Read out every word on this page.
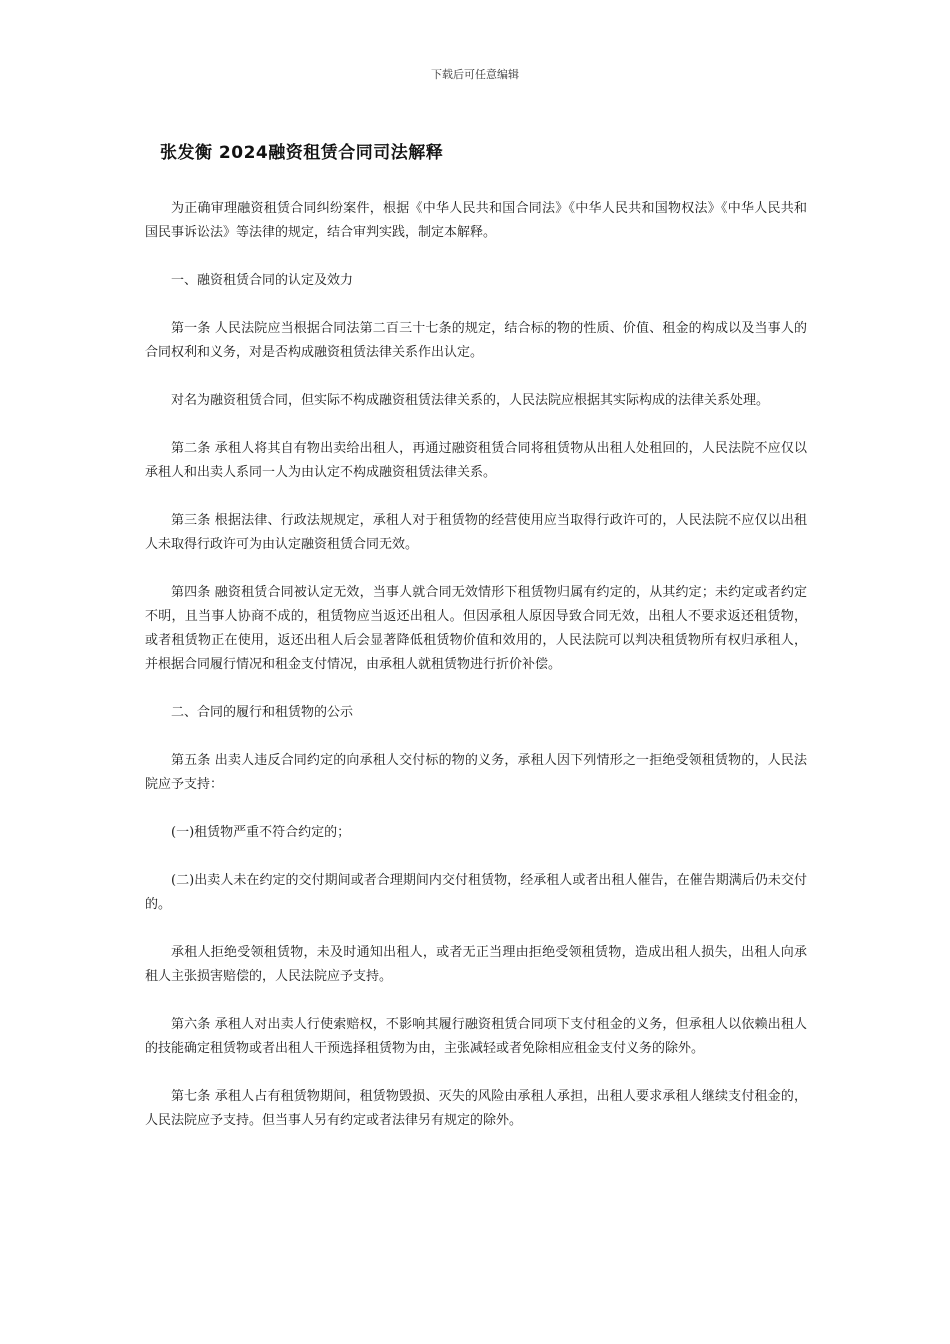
下载后可任意编辑
张发衡 2024融资租赁合同司法解释

为正确审理融资租赁合同纠纷案件，根据《中华人民共和国合同法》《中华人民共和国物权法》《中华人民共和国民事诉讼法》等法律的规定，结合审判实践，制定本解释。

一、融资租赁合同的认定及效力

第一条 人民法院应当根据合同法第二百三十七条的规定，结合标的物的性质、价值、租金的构成以及当事人的合同权利和义务，对是否构成融资租赁法律关系作出认定。

对名为融资租赁合同，但实际不构成融资租赁法律关系的，人民法院应根据其实际构成的法律关系处理。

第二条 承租人将其自有物出卖给出租人，再通过融资租赁合同将租赁物从出租人处租回的，人民法院不应仅以承租人和出卖人系同一人为由认定不构成融资租赁法律关系。

第三条 根据法律、行政法规规定，承租人对于租赁物的经营使用应当取得行政许可的，人民法院不应仅以出租人未取得行政许可为由认定融资租赁合同无效。

第四条 融资租赁合同被认定无效，当事人就合同无效情形下租赁物归属有约定的，从其约定；未约定或者约定不明，且当事人协商不成的，租赁物应当返还出租人。但因承租人原因导致合同无效，出租人不要求返还租赁物，或者租赁物正在使用，返还出租人后会显著降低租赁物价值和效用的，人民法院可以判决租赁物所有权归承租人，并根据合同履行情况和租金支付情况，由承租人就租赁物进行折价补偿。

二、合同的履行和租赁物的公示

第五条 出卖人违反合同约定的向承租人交付标的物的义务，承租人因下列情形之一拒绝受领租赁物的，人民法院应予支持：

(一)租赁物严重不符合约定的；

(二)出卖人未在约定的交付期间或者合理期间内交付租赁物，经承租人或者出租人催告，在催告期满后仍未交付的。

承租人拒绝受领租赁物，未及时通知出租人，或者无正当理由拒绝受领租赁物，造成出租人损失，出租人向承租人主张损害赔偿的，人民法院应予支持。

第六条 承租人对出卖人行使索赔权，不影响其履行融资租赁合同项下支付租金的义务，但承租人以依赖出租人的技能确定租赁物或者出租人干预选择租赁物为由，主张减轻或者免除相应租金支付义务的除外。

第七条 承租人占有租赁物期间，租赁物毁损、灭失的风险由承租人承担，出租人要求承租人继续支付租金的，人民法院应予支持。但当事人另有约定或者法律另有规定的除外。
